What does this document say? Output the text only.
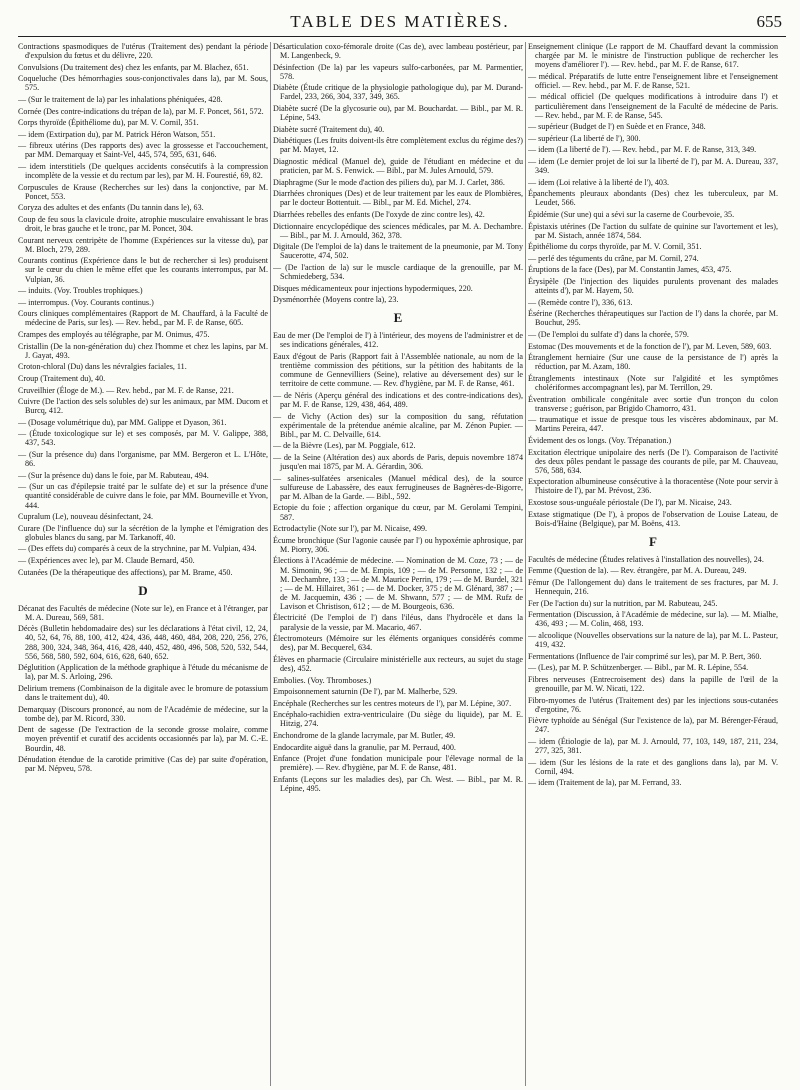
TABLE DES MATIÈRES.	655
Contractions spasmodiques de l'utérus (Traitement des) pendant la période d'expulsion du fœtus et du délivre, 220.
Convulsions (Du traitement des) chez les enfants, par M. Blachez, 651.
Coqueluche (Des hémorrhagies sous-conjonctivales dans la), par M. Sous, 575.
— (Sur le traitement de la) par les inhalations phéniquées, 428.
Cornée (Des contre-indications du trépan de la), par M. F. Poncet, 561, 572.
Corps thyroïde (Épithéliome du), par M. V. Cornil, 351.
— idem (Extirpation du), par M. Patrick Héron Watson, 551.
— fibreux utérins (Des rapports des) avec la grossesse et l'accouchement, par MM. Demarquay et Saint-Vel, 445, 574, 595, 631, 646.
— idem interstitiels (De quelques accidents consécutifs à la compression incomplète de la vessie et du rectum par les), par M. H. Fourestié, 69, 82.
Corpuscules de Krause (Recherches sur les) dans la conjonctive, par M. Poncet, 553.
Coryza des adultes et des enfants (Du tannin dans le), 63.
Coup de feu sous la clavicule droite, atrophie musculaire envahissant le bras droit, le bras gauche et le tronc, par M. Poncet, 304.
Courant nerveux centripète de l'homme (Expériences sur la vitesse du), par M. Bloch, 279, 289.
Courants continus (Expérience dans le but de rechercher si les) produisent sur le cœur du chien le même effet que les courants interrompus, par M. Vulpian, 36.
— induits. (Voy. Troubles trophiques.)
— interrompus. (Voy. Courants continus.)
Cours cliniques complémentaires (Rapport de M. Chauffard, à la Faculté de médecine de Paris, sur les). — Rev. hebd., par M. F. de Ranse, 605.
Crampes des employés au télégraphe, par M. Onimus, 475.
Cristallin (De la non-génération du) chez l'homme et chez les lapins, par M. J. Gayat, 493.
Croton-chloral (Du) dans les névralgies faciales, 11.
Croup (Traitement du), 40.
Cruveilhier (Éloge de M.). — Rev. hebd., par M. F. de Ranse, 221.
Cuivre (De l'action des sels solubles de) sur les animaux, par MM. Ducom et Burcq, 412.
— (Dosage volumétrique du), par MM. Galippe et Dyason, 361.
— (Étude toxicologique sur le) et ses composés, par M. V. Galippe, 388, 437, 543.
— (Sur la présence du) dans l'organisme, par MM. Bergeron et L. L'Hôte, 86.
— (Sur la présence du) dans le foie, par M. Rabuteau, 494.
— (Sur un cas d'épilepsie traité par le sulfate de) et sur la présence d'une quantité considérable de cuivre dans le foie, par MM. Bourneville et Yvon, 444.
Cupralum (Le), nouveau désinfectant, 24.
Curare (De l'influence du) sur la sécrétion de la lymphe et l'émigration des globules blancs du sang, par M. Tarkanoff, 40.
— (Des effets du) comparés à ceux de la strychnine, par M. Vulpian, 434.
— (Expériences avec le), par M. Claude Bernard, 450.
Cutanées (De la thérapeutique des affections), par M. Brame, 450.
D
Décanat des Facultés de médecine (Note sur le), en France et à l'étranger, par M. A. Dureau, 569, 581.
Décès (Bulletin hebdomadaire des) sur les déclarations à l'état civil, 12, 24, 40, 52, 64, 76, 88, 100, 412, 424, 436, 448, 460, 484, 208, 220, 256, 276, 288, 300, 324, 348, 364, 416, 428, 440, 452, 480, 496, 508, 520, 532, 544, 556, 568, 580, 592, 604, 616, 628, 640, 652.
Déglutition (Application de la méthode graphique à l'étude du mécanisme de la), par M. S. Arloing, 296.
Delirium tremens (Combinaison de la digitale avec le bromure de potassium dans le traitement du), 40.
Demarquay (Discours prononcé, au nom de l'Académie de médecine, sur la tombe de), par M. Ricord, 330.
Dent de sagesse (De l'extraction de la seconde grosse molaire, comme moyen préventif et curatif des accidents occasionnés par la), par M. C.-E. Bourdin, 48.
Dénudation étendue de la carotide primitive (Cas de) par suite d'opération, par M. Népveu, 578.
Désarticulation coxo-fémorale droite (Cas de), avec lambeau postérieur, par M. Langenbeck, 9.
Désinfection (De la) par les vapeurs sulfo-carbonées, par M. Parmentier, 578.
Diabète (Étude critique de la physiologie pathologique du), par M. Durand-Fardel, 233, 266, 304, 337, 349, 365.
Diabète sucré (De la glycosurie ou), par M. Bouchardat. — Bibl., par M. R. Lépine, 543.
Diabète sucré (Traitement du), 40.
Diabétiques (Les fruits doivent-ils être complètement exclus du régime des?) par M. Mayet, 12.
Diagnostic médical (Manuel de), guide de l'étudiant en médecine et du praticien, par M. S. Fenwick. — Bibl., par M. Jules Arnould, 579.
Diaphragme (Sur le mode d'action des piliers du), par M. J. Carlet, 386.
Diarrhées chroniques (Des) et de leur traitement par les eaux de Plombières, par le docteur Bottentuit. — Bibl., par M. Ed. Michel, 274.
Diarrhées rebelles des enfants (De l'oxyde de zinc contre les), 42.
Dictionnaire encyclopédique des sciences médicales, par M. A. Dechambre. — Bibl., par M. J. Arnould, 362, 378.
Digitale (De l'emploi de la) dans le traitement de la pneumonie, par M. Tony Saucerotte, 474, 502.
— (De l'action de la) sur le muscle cardiaque de la grenouille, par M. Schmiedeberg, 534.
Disques médicamenteux pour injections hypodermiques, 220.
Dysménorrhée (Moyens contre la), 23.
E
Eau de mer (De l'emploi de l') à l'intérieur, des moyens de l'administrer et de ses indications générales, 412.
Eaux d'égout de Paris (Rapport fait à l'Assemblée nationale, au nom de la trentième commission des pétitions, sur la pétition des habitants de la commune de Gennevilliers (Seine), relative au déversement des) sur le territoire de cette commune. — Rev. d'hygiène, par M. F. de Ranse, 461.
— de Néris (Aperçu général des indications et des contre-indications des), par M. F. de Ranse, 129, 438, 464, 489.
— de Vichy (Action des) sur la composition du sang, réfutation expérimentale de la prétendue anémie alcaline, par M. Zénon Pupier. — Bibl., par M. C. Delvaille, 614.
— de la Bièvre (Les), par M. Poggiale, 612.
— de la Seine (Altération des) aux abords de Paris, depuis novembre 1874 jusqu'en mai 1875, par M. A. Gérardin, 306.
— salines-sulfatées arsenicales (Manuel médical des), de la source sulfureuse de Labassère, des eaux ferrugineuses de Bagnères-de-Bigorre, par M. Alban de la Garde. — Bibl., 592.
Ectopie du foie ; affection organique du cœur, par M. Gerolami Tempini, 587.
Ectrodactylie (Note sur l'), par M. Nicaise, 499.
Écume bronchique (Sur l'agonie causée par l') ou hypoxémie aphrosique, par M. Piorry, 306.
Élections à l'Académie de médecine. — Nomination de M. Coze, 73 ; — de M. Simonin, 96 ; — de M. Empis, 109 ; — de M. Personne, 132 ; — de M. Dechambre, 133 ; — de M. Maurice Perrin, 179 ; — de M. Burdel, 321 ; — de M. Hillairet, 361 ; — de M. Docker, 375 ; de M. Glénard, 387 ; — de M. Jacquemin, 436 ; — de M. Shwann, 577 ; — de MM. Rufz de Lavison et Christison, 612 ; — de M. Bourgeois, 636.
Électricité (De l'emploi de l') dans l'iléus, dans l'hydrocèle et dans la paralysie de la vessie, par M. Macario, 467.
Électromoteurs (Mémoire sur les éléments organiques considérés comme des), par M. Becquerel, 634.
Élèves en pharmacie (Circulaire ministérielle aux recteurs, au sujet du stage des), 452.
Embolies. (Voy. Thromboses.)
Empoisonnement saturnin (De l'), par M. Malherbe, 529.
Encéphale (Recherches sur les centres moteurs de l'), par M. Lépine, 307.
Encéphalo-rachidien extra-ventriculaire (Du siège du liquide), par M. E. Hitzig, 274.
Enchondrome de la glande lacrymale, par M. Butler, 49.
Endocardite aiguë dans la granulie, par M. Perraud, 400.
Enfance (Projet d'une fondation municipale pour l'élevage normal de la première). — Rev. d'hygiène, par M. F. de Ranse, 481.
Enfants (Leçons sur les maladies des), par Ch. West. — Bibl., par M. R. Lépine, 495.
Enseignement clinique (Le rapport de M. Chauffard devant la commission chargée par M. le ministre de l'instruction publique de rechercher les moyens d'améliorer l'). — Rev. hebd., par M. F. de Ranse, 617.
— médical. Préparatifs de lutte entre l'enseignement libre et l'enseignement officiel. — Rev. hebd., par M. F. de Ranse, 521.
— médical officiel (De quelques modifications à introduire dans l') et particulièrement dans l'enseignement de la Faculté de médecine de Paris. — Rev. hebd., par M. F. de Ranse, 545.
— supérieur (Budget de l') en Suède et en France, 348.
— supérieur (La liberté de l'), 300.
— idem (La liberté de l'). — Rev. hebd., par M. F. de Ranse, 313, 349.
— idem (Le dernier projet de loi sur la liberté de l'), par M. A. Dureau, 337, 349.
— idem (Loi relative à la liberté de l'), 403.
Épanchements pleuraux abondants (Des) chez les tuberculeux, par M. Leudet, 566.
Épidémie (Sur une) qui a sévi sur la caserne de Courbevoie, 35.
Épistaxis utérines (De l'action du sulfate de quinine sur l'avortement et les), par M. Sistach, année 1874, 584.
Épithéliome du corps thyroïde, par M. V. Cornil, 351.
— perlé des téguments du crâne, par M. Cornil, 274.
Éruptions de la face (Des), par M. Constantin James, 453, 475.
Érysipèle (De l'injection des liquides purulents provenant des malades atteints d'), par M. Hayem, 50.
— (Remède contre l'), 336, 613.
Ésérine (Recherches thérapeutiques sur l'action de l') dans la chorée, par M. Bouchut, 295.
— (De l'emploi du sulfate d') dans la chorée, 579.
Estomac (Des mouvements et de la fonction de l'), par M. Leven, 589, 603.
Étranglement herniaire (Sur une cause de la persistance de l') après la réduction, par M. Azam, 180.
Étranglements intestinaux (Note sur l'algidité et les symptômes cholériformes accompagnant les), par M. Terrillon, 29.
Éventration ombilicale congénitale avec sortie d'un tronçon du colon transverse ; guérison, par Brigido Chamorro, 431.
— traumatique et issue de presque tous les viscères abdominaux, par M. Martins Pereira, 447.
Évidement des os longs. (Voy. Trépanation.)
Excitation électrique unipolaire des nerfs (De l'). Comparaison de l'activité des deux pôles pendant le passage des courants de pile, par M. Chauveau, 576, 588, 634.
Expectoration albumineuse consécutive à la thoracentèse (Note pour servir à l'histoire de l'), par M. Prévost, 236.
Exostose sous-unguéale périostale (De l'), par M. Nicaise, 243.
Extase stigmatique (De l'), à propos de l'observation de Louise Lateau, de Bois-d'Haine (Belgique), par M. Boëns, 413.
F
Facultés de médecine (Études relatives à l'installation des nouvelles), 24.
Femme (Question de la). — Rev. étrangère, par M. A. Dureau, 249.
Fémur (De l'allongement du) dans le traitement de ses fractures, par M. J. Hennequin, 216.
Fer (De l'action du) sur la nutrition, par M. Rabuteau, 245.
Fermentation (Discussion, à l'Académie de médecine, sur la). — M. Mialhe, 436, 493 ; — M. Colin, 468, 193.
— alcoolique (Nouvelles observations sur la nature de la), par M. L. Pasteur, 419, 432.
Fermentations (Influence de l'air comprimé sur les), par M. P. Bert, 360.
— (Les), par M. P. Schützenberger. — Bibl., par M. R. Lépine, 554.
Fibres nerveuses (Entrecroisement des) dans la papille de l'œil de la grenouille, par M. W. Nicati, 122.
Fibro-myomes de l'utérus (Traitement des) par les injections sous-cutanées d'ergotine, 76.
Fièvre typhoïde au Sénégal (Sur l'existence de la), par M. Bérenger-Féraud, 247.
— idem (Étiologie de la), par M. J. Arnould, 77, 103, 149, 187, 211, 234, 277, 325, 381.
— idem (Sur les lésions de la rate et des ganglions dans la), par M. V. Cornil, 494.
— idem (Traitement de la), par M. Ferrand, 33.
